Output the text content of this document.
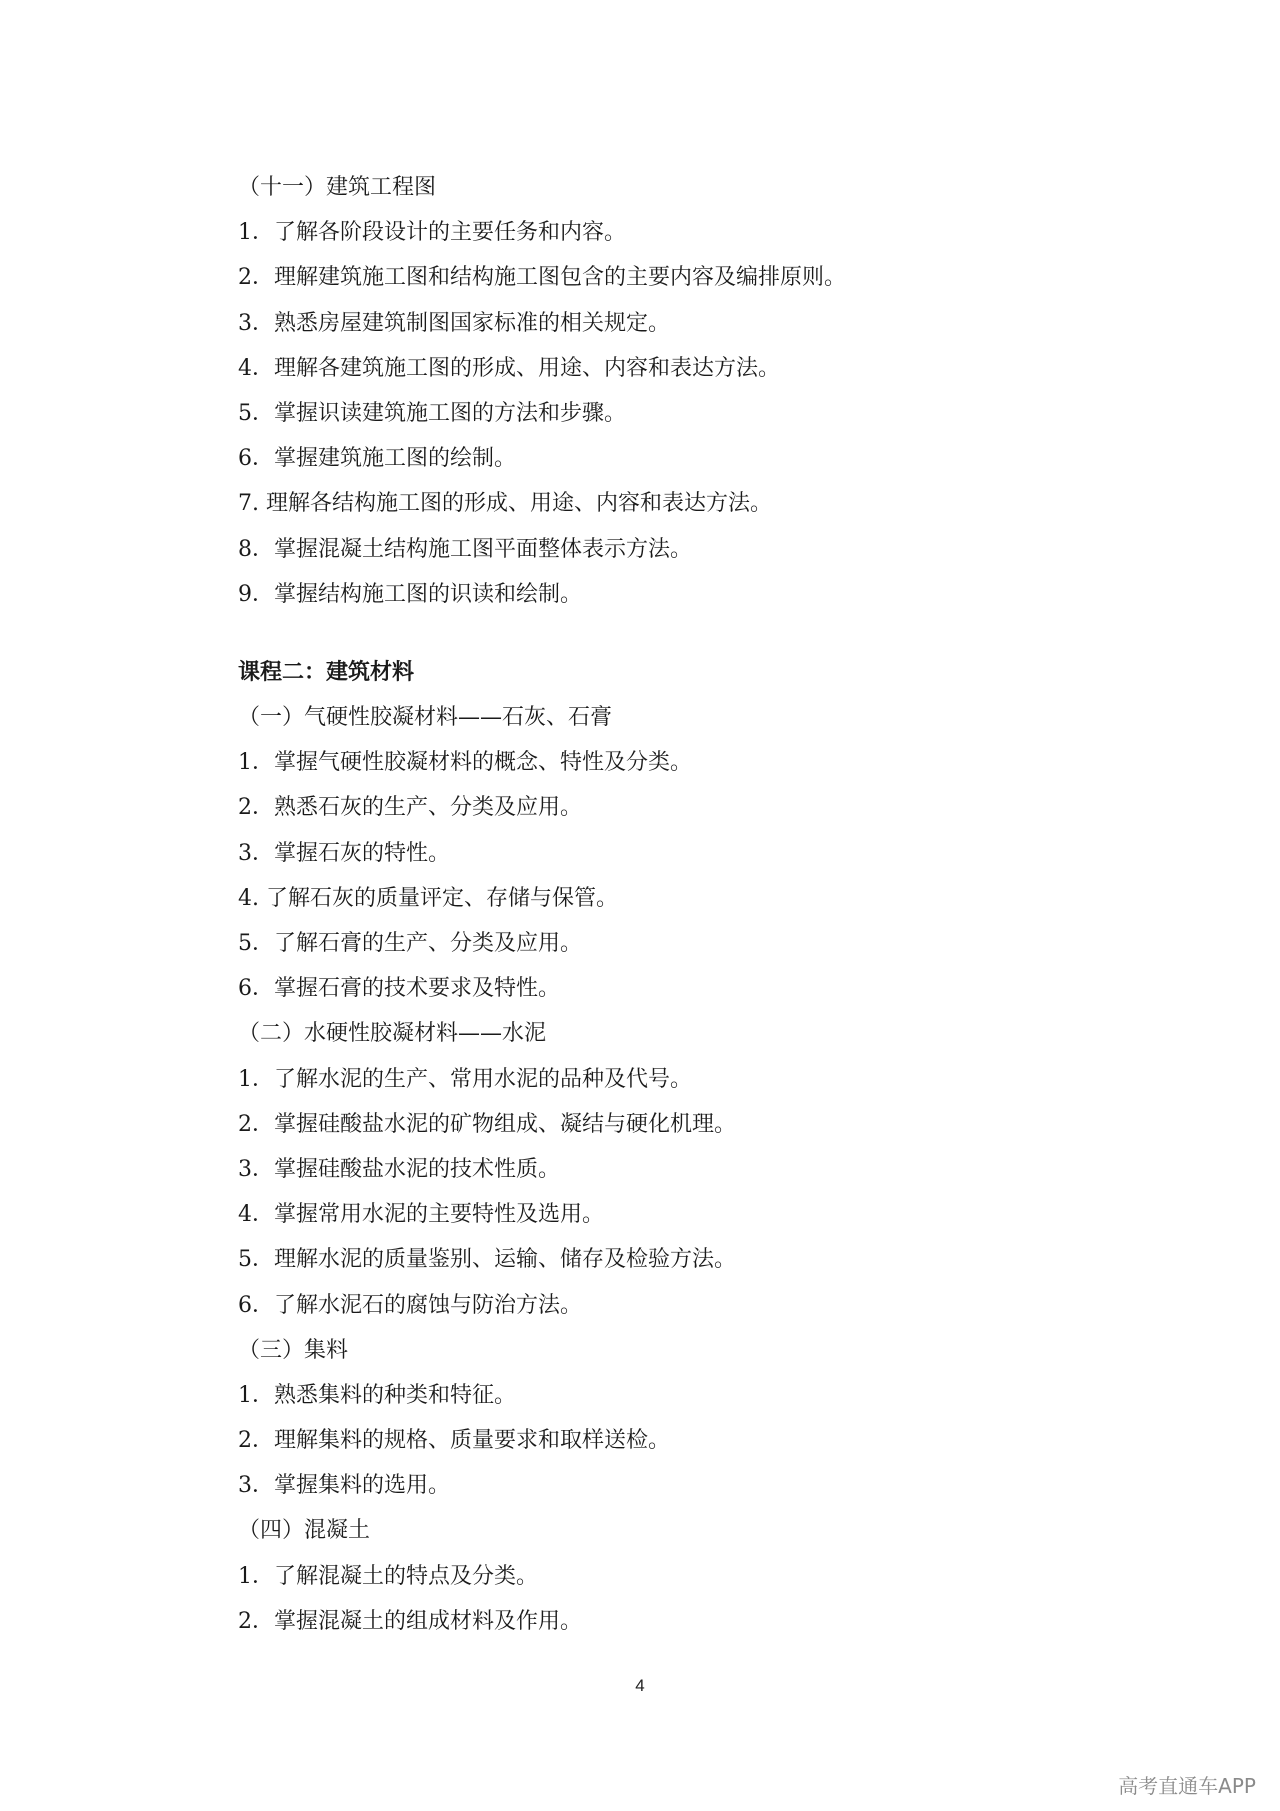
（十一）建筑工程图
1．了解各阶段设计的主要任务和内容。
2．理解建筑施工图和结构施工图包含的主要内容及编排原则。
3．熟悉房屋建筑制图国家标准的相关规定。
4．理解各建筑施工图的形成、用途、内容和表达方法。
5．掌握识读建筑施工图的方法和步骤。
6．掌握建筑施工图的绘制。
7. 理解各结构施工图的形成、用途、内容和表达方法。
8．掌握混凝土结构施工图平面整体表示方法。
9．掌握结构施工图的识读和绘制。
课程二：建筑材料
（一）气硬性胶凝材料——石灰、石膏
1．掌握气硬性胶凝材料的概念、特性及分类。
2．熟悉石灰的生产、分类及应用。
3．掌握石灰的特性。
4. 了解石灰的质量评定、存储与保管。
5．了解石膏的生产、分类及应用。
6．掌握石膏的技术要求及特性。
（二）水硬性胶凝材料——水泥
1．了解水泥的生产、常用水泥的品种及代号。
2．掌握硅酸盐水泥的矿物组成、凝结与硬化机理。
3．掌握硅酸盐水泥的技术性质。
4．掌握常用水泥的主要特性及选用。
5．理解水泥的质量鉴别、运输、储存及检验方法。
6．了解水泥石的腐蚀与防治方法。
（三）集料
1．熟悉集料的种类和特征。
2．理解集料的规格、质量要求和取样送检。
3．掌握集料的选用。
（四）混凝土
1．了解混凝土的特点及分类。
2．掌握混凝土的组成材料及作用。
4
高考直通车APP
